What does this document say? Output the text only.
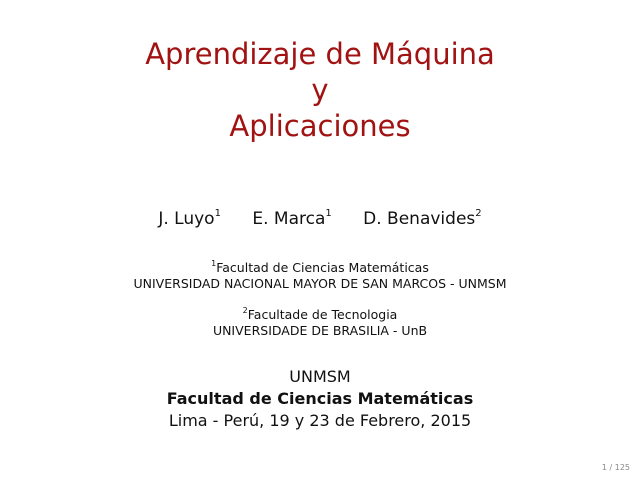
Aprendizaje de Máquina
y
Aplicaciones
J. Luyo$^1$ E. Marca$^1$ D. Benavides$^2$
$^1$Facultad de Ciencias Matemáticas
UNIVERSIDAD NACIONAL MAYOR DE SAN MARCOS - UNMSM
$^2$Facultade de Tecnologia
UNIVERSIDADE DE BRASILIA - UnB
UNMSM
Facultad de Ciencias Matemáticas
Lima - Perú, 19 y 23 de Febrero, 2015
1 / 125
